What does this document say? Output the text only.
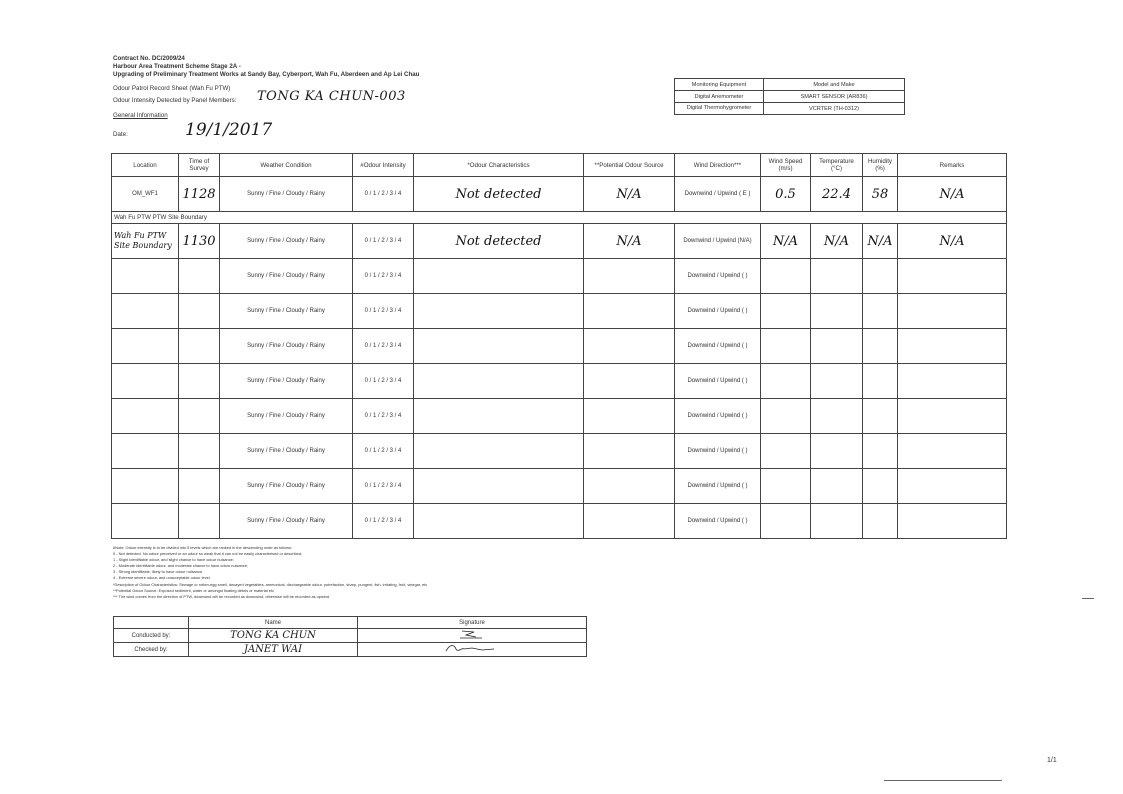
Contract No. DC/2009/24
Harbour Area Treatment Scheme Stage 2A -
Upgrading of Preliminary Treatment Works at Sandy Bay, Cyberport, Wah Fu, Aberdeen and Ap Lei Chau
Odour Patrol Record Sheet (Wah Fu PTW)
Odour Intensity Detected by Panel Members: TONG KA CHUN-003
General Information
Date:	19/1/2017
Monitoring Equipment	Model and Make
Digital Anemometer	SMART SENSOR (AR836)
Digital Thermohygrometer	VCRTER (TH-0312)
Location	Time of Survey	Weather Condition	#Odour Intensity	*Odour Characteristics	**Potential Odour Source	Wind Direction***	Wind Speed (m/s)	Temperature (°C)	Humidity (%)	Remarks
OM_WF1	1128	Sunny / Fine / Cloudy / Rainy	0 / 1 / 2 / 3 / 4	Not detected	N/A	Downwind / Upwind ( E )	0.5	22.4	58	N/A
Wah Fu PTW PTW Site Boundary										
Wah Fu PTW Site Boundary	1130	Sunny / Fine / Cloudy / Rainy	0 / 1 / 2 / 3 / 4	Not detected	N/A	Downwind / Upwind (N/A)	N/A	N/A	N/A	N/A
		Sunny / Fine / Cloudy / Rainy	0 / 1 / 2 / 3 / 4			Downwind / Upwind ( )				
		Sunny / Fine / Cloudy / Rainy	0 / 1 / 2 / 3 / 4			Downwind / Upwind ( )				
		Sunny / Fine / Cloudy / Rainy	0 / 1 / 2 / 3 / 4			Downwind / Upwind ( )				
		Sunny / Fine / Cloudy / Rainy	0 / 1 / 2 / 3 / 4			Downwind / Upwind ( )				
		Sunny / Fine / Cloudy / Rainy	0 / 1 / 2 / 3 / 4			Downwind / Upwind ( )				
		Sunny / Fine / Cloudy / Rainy	0 / 1 / 2 / 3 / 4			Downwind / Upwind ( )				
		Sunny / Fine / Cloudy / Rainy	0 / 1 / 2 / 3 / 4			Downwind / Upwind ( )				
		Sunny / Fine / Cloudy / Rainy	0 / 1 / 2 / 3 / 4			Downwind / Upwind ( )				
#Note: Odour intensity is to be divided into 5 levels which are ranked in the descending order as follows:
0 - Not detected. No odour perceived or an odour so weak that it can not be easily characterised or described;
1 - Slight identifiable odour, and slight chance to have odour nuisance;
2 - Moderate identifiable odour, and moderate chance to have odour nuisance;
3 - Strong identifiable, likely to have odour nuisance
4 - Extreme severe odour, and unacceptable odour level.
*Description of Odour Characteristics: Sewage or rotten-egg smell, decayed vegetables, ammonical, dischargeable odour, putrefaction, sharp, pungent, fish, irritating, fruit, vinegar, etc
**Potential Odour Source: Exposed sediment, water or amongst floating debris or material etc
*** The wind comes from the direction of PTW, downwind will be recorded as downwind, otherwise will be recorded as upwind.
	Name	Signature
Conducted by:	TONG KA CHUN	
Checked by:	JANET WAI	
1/1
